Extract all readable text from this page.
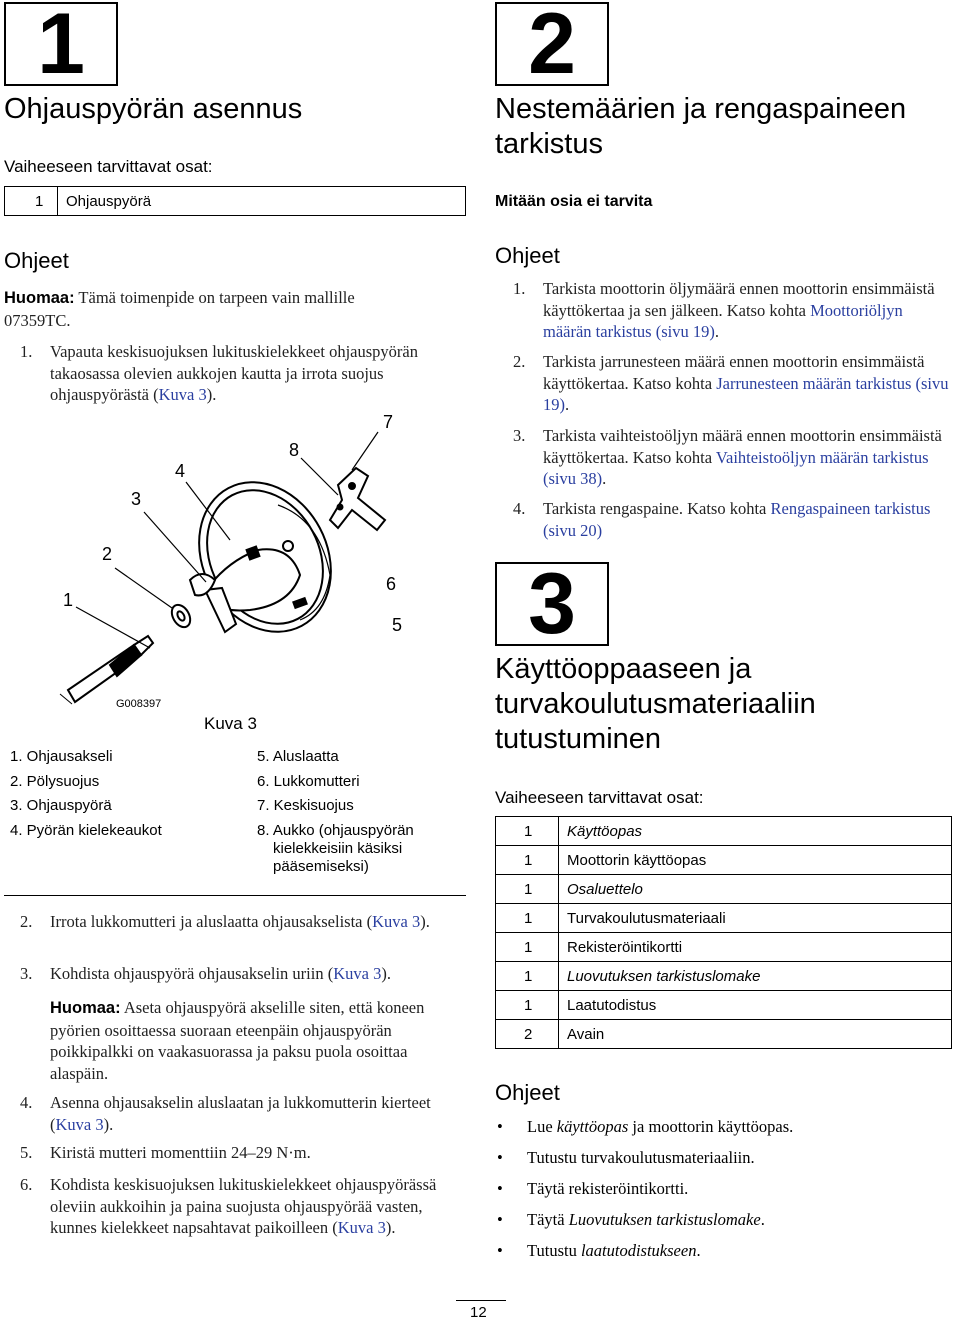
1
Ohjauspyörän asennus
Vaiheeseen tarvittavat osat:
1	Ohjauspyörä
Ohjeet
Huomaa: Tämä toimenpide on tarpeen vain mallille 07359TC.
1. Vapauta keskisuojuksen lukituskielekkeet ohjauspyörän takaosassa olevien aukkojen kautta ja irrota suojus ohjauspyörästä (Kuva 3).
G008397
1
2
3
4
5
6
7
8
Kuva 3
1. Ohjausakseli
2. Pölysuojus
3. Ohjauspyörä
4. Pyörän kielekeaukot
5. Aluslaatta
6. Lukkomutteri
7. Keskisuojus
8. Aukko (ohjauspyörän kielekkeisiin käsiksi pääsemiseksi)
2. Irrota lukkomutteri ja aluslaatta ohjausakselista (Kuva 3).
3. Kohdista ohjauspyörä ohjausakselin uriin (Kuva 3).
Huomaa: Aseta ohjauspyörä akselille siten, että koneen pyörien osoittaessa suoraan eteenpäin ohjauspyörän poikkipalkki on vaakasuorassa ja paksu puola osoittaa alaspäin.
4. Asenna ohjausakselin aluslaatan ja lukkomutterin kierteet (Kuva 3).
5. Kiristä mutteri momenttiin 24–29 N·m.
6. Kohdista keskisuojuksen lukituskielekkeet ohjauspyörässä oleviin aukkoihin ja paina suojusta ohjauspyörää vasten, kunnes kielekkeet napsahtavat paikoilleen (Kuva 3).
2
Nestemäärien ja rengaspaineen tarkistus
Mitään osia ei tarvita
Ohjeet
1. Tarkista moottorin öljymäärä ennen moottorin ensimmäistä käyttökertaa ja sen jälkeen. Katso kohta Moottoriöljyn määrän tarkistus (sivu 19).
2. Tarkista jarrunesteen määrä ennen moottorin ensimmäistä käyttökertaa. Katso kohta Jarrunesteen määrän tarkistus (sivu 19).
3. Tarkista vaihteistoöljyn määrä ennen moottorin ensimmäistä käyttökertaa. Katso kohta Vaihteistoöljyn määrän tarkistus (sivu 38).
4. Tarkista rengaspaine. Katso kohta Rengaspaineen tarkistus (sivu 20)
3
Käyttöoppaaseen ja turvakoulutusmateriaaliin tutustuminen
Vaiheeseen tarvittavat osat:
1	Käyttöopas
1	Moottorin käyttöopas
1	Osaluettelo
1	Turvakoulutusmateriaali
1	Rekisteröintikortti
1	Luovutuksen tarkistuslomake
1	Laatutodistus
2	Avain
Ohjeet
• Lue käyttöopas ja moottorin käyttöopas.
• Tutustu turvakoulutusmateriaaliin.
• Täytä rekisteröintikortti.
• Täytä Luovutuksen tarkistuslomake.
• Tutustu laatutodistukseen.
12
